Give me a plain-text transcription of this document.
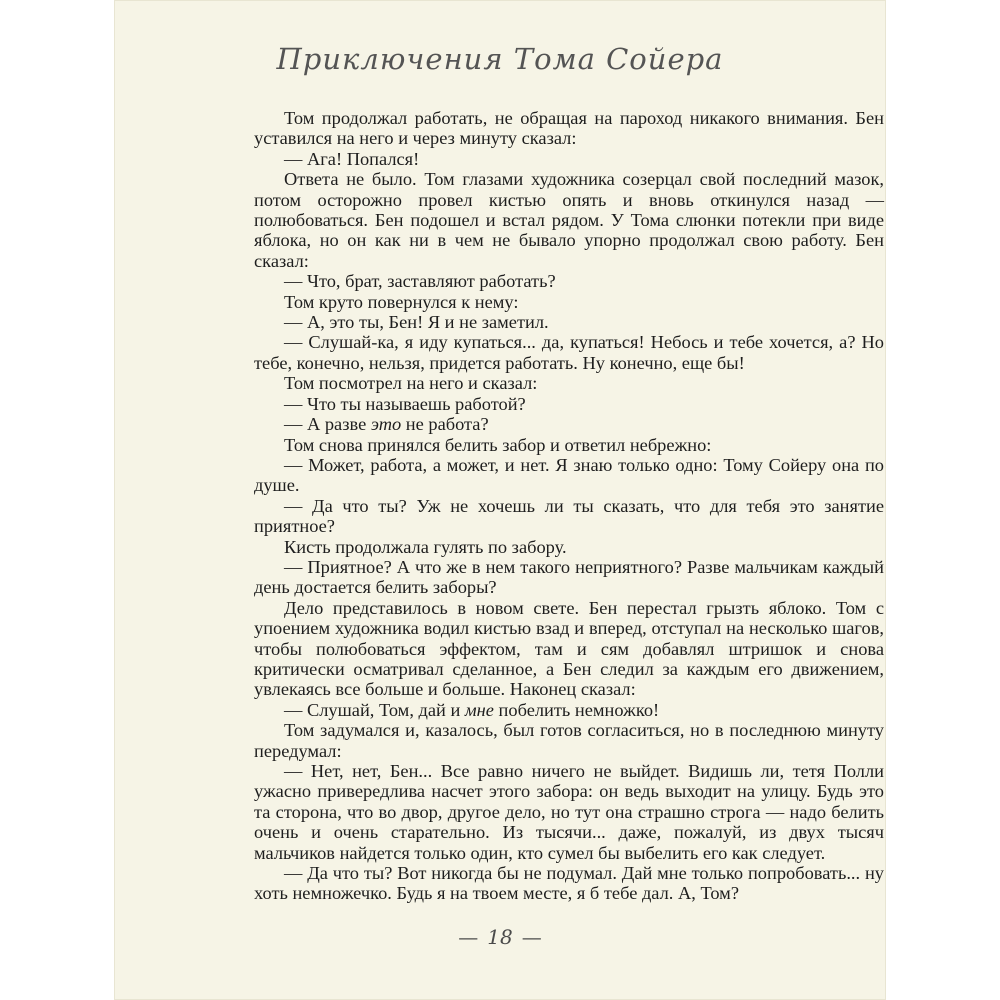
Приключения Тома Сойера

Том продолжал работать, не обращая на пароход никакого внимания. Бен уставился на него и через минуту сказал:

— Ага! Попался!

Ответа не было. Том глазами художника созерцал свой последний мазок, потом осторожно провел кистью опять и вновь откинулся назад — полюбоваться. Бен подошел и встал рядом. У Тома слюнки потекли при виде яблока, но он как ни в чем не бывало упорно продолжал свою работу. Бен сказал:

— Что, брат, заставляют работать?

Том круто повернулся к нему:

— А, это ты, Бен! Я и не заметил.

— Слушай-ка, я иду купаться... да, купаться! Небось и тебе хочется, а? Но тебе, конечно, нельзя, придется работать. Ну конечно, еще бы!

Том посмотрел на него и сказал:

— Что ты называешь работой?

— А разве это не работа?

Том снова принялся белить забор и ответил небрежно:

— Может, работа, а может, и нет. Я знаю только одно: Тому Сойеру она по душе.

— Да что ты? Уж не хочешь ли ты сказать, что для тебя это занятие приятное?

Кисть продолжала гулять по забору.

— Приятное? А что же в нем такого неприятного? Разве мальчикам каждый день достается белить заборы?

Дело представилось в новом свете. Бен перестал грызть яблоко. Том с упоением художника водил кистью взад и вперед, отступал на несколько шагов, чтобы полюбоваться эффектом, там и сям добавлял штришок и снова критически осматривал сделанное, а Бен следил за каждым его движением, увлекаясь все больше и больше. Наконец сказал:

— Слушай, Том, дай и мне побелить немножко!

Том задумался и, казалось, был готов согласиться, но в последнюю минуту передумал:

— Нет, нет, Бен... Все равно ничего не выйдет. Видишь ли, тетя Полли ужасно привередлива насчет этого забора: он ведь выходит на улицу. Будь это та сторона, что во двор, другое дело, но тут она страшно строга — надо белить очень и очень старательно. Из тысячи... даже, пожалуй, из двух тысяч мальчиков найдется только один, кто сумел бы выбелить его как следует.

— Да что ты? Вот никогда бы не подумал. Дай мне только попробовать... ну хоть немножечко. Будь я на твоем месте, я б тебе дал. А, Том?

— 18 —
